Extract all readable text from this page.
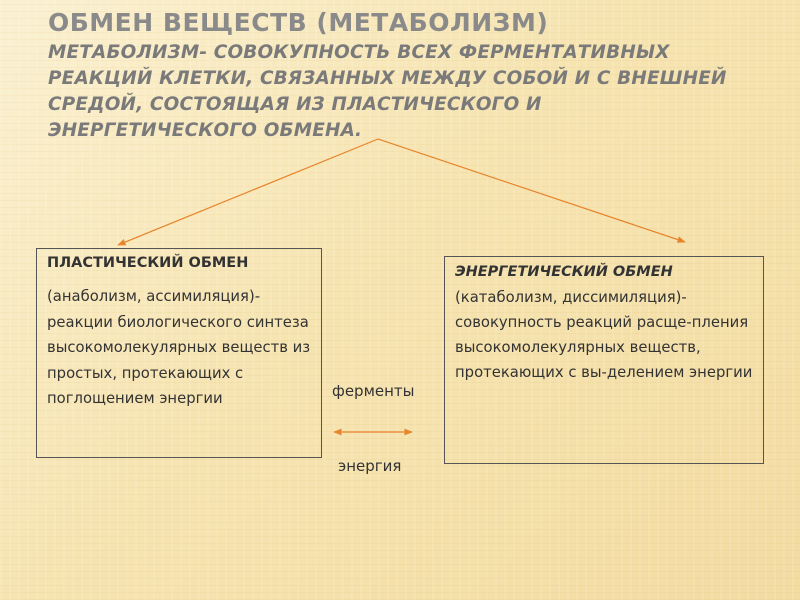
ОБМЕН ВЕЩЕСТВ (МЕТАБОЛИЗМ)
МЕТАБОЛИЗМ- СОВОКУПНОСТЬ ВСЕХ ФЕРМЕНТАТИВНЫХ РЕАКЦИЙ КЛЕТКИ, СВЯЗАННЫХ МЕЖДУ СОБОЙ И С ВНЕШНЕЙ СРЕДОЙ, СОСТОЯЩАЯ ИЗ ПЛАСТИЧЕСКОГО И ЭНЕРГЕТИЧЕСКОГО ОБМЕНА.
ПЛАСТИЧЕСКИЙ ОБМЕН
(анаболизм, ассимиляция)- реакции биологического синтеза высокомолекулярных веществ из простых, протекающих с поглощением энергии
ЭНЕРГЕТИЧЕСКИЙ ОБМЕН
(катаболизм, диссимиляция)- совокупность реакций расще-пления высокомолекулярных веществ, протекающих с вы-делением энергии
ферменты
энергия
